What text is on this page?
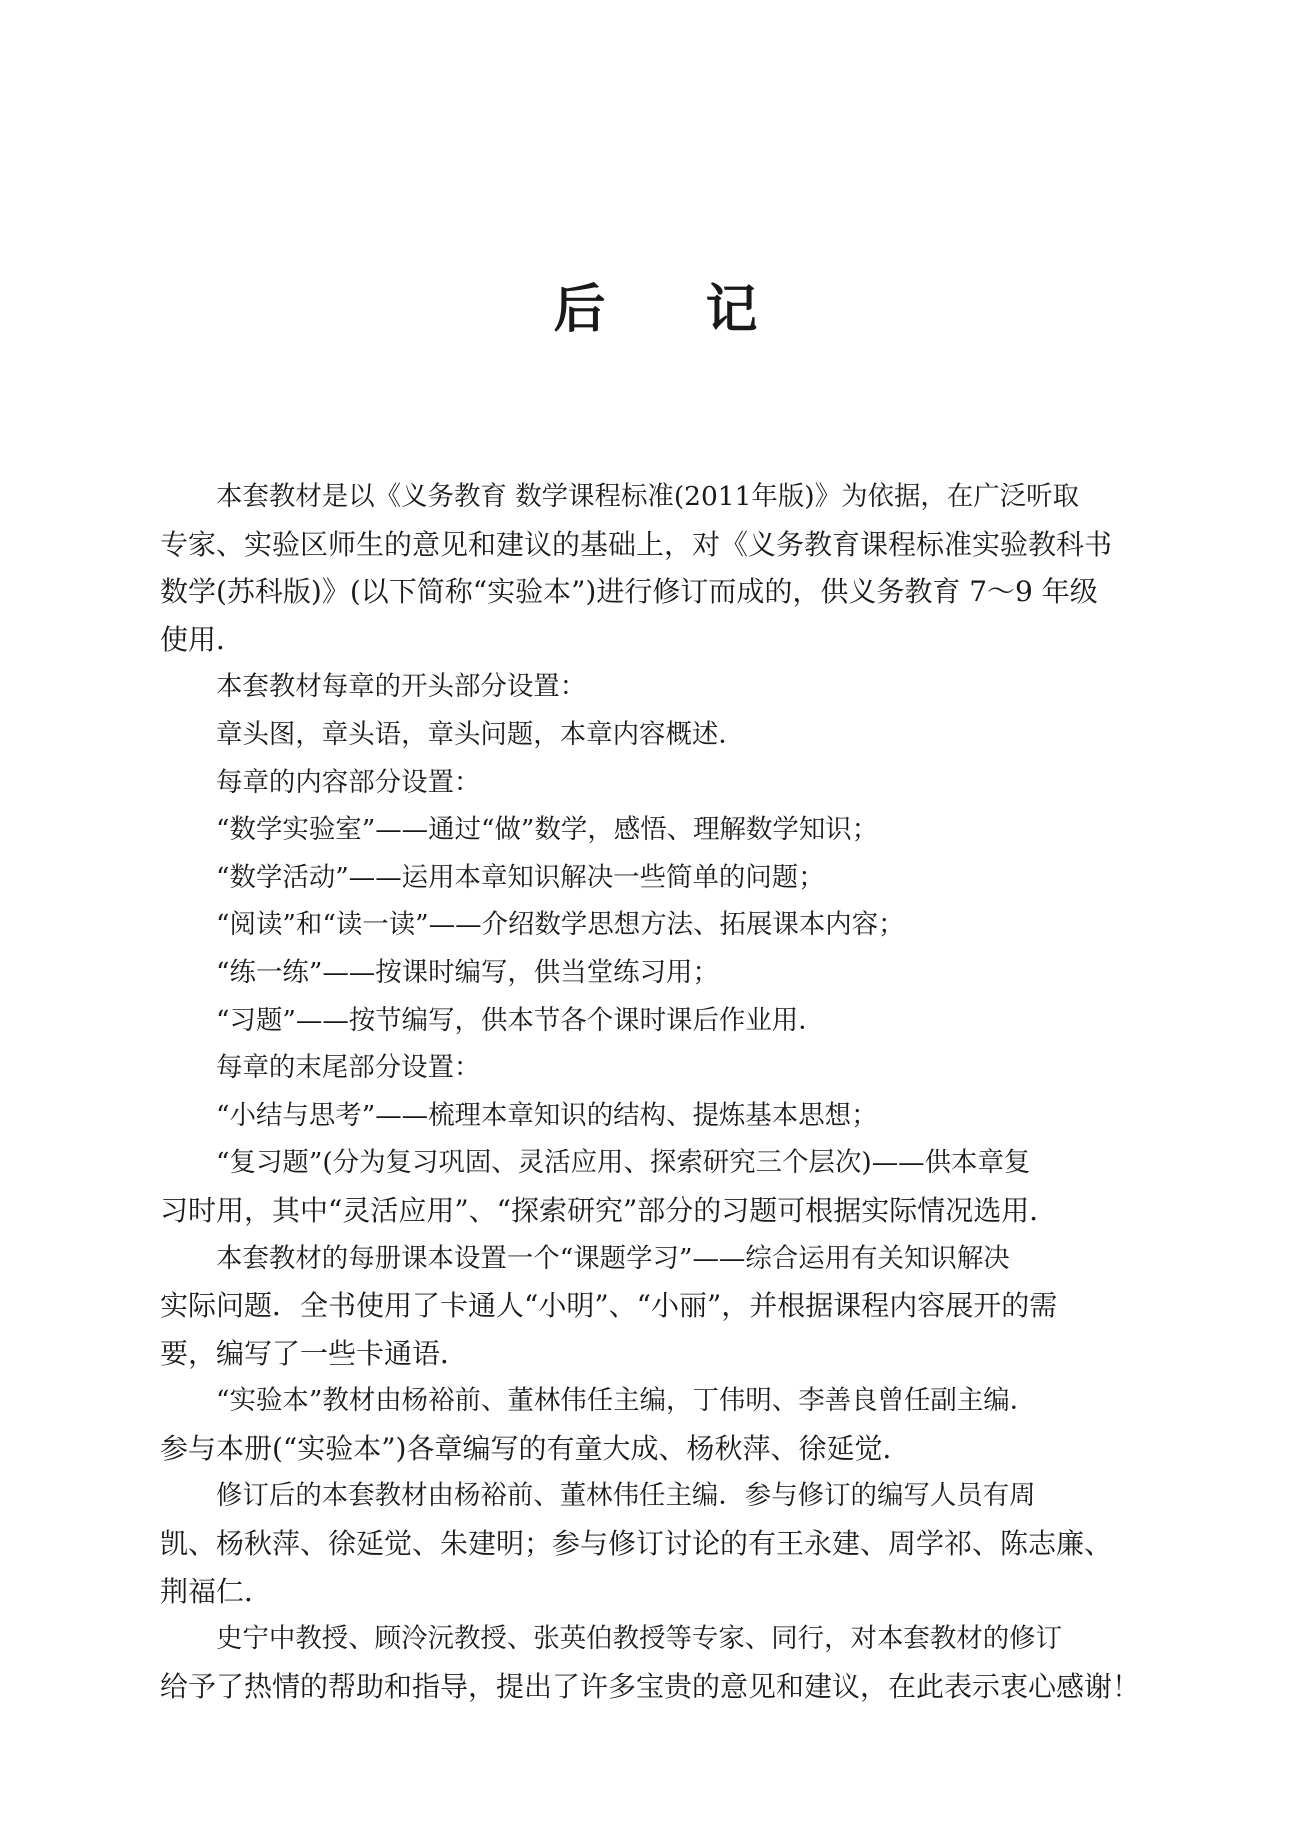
后 记

本套教材是以《义务教育 数学课程标准(2011年版)》为依据，在广泛听取
专家、实验区师生的意见和建议的基础上，对《义务教育课程标准实验教科书
数学(苏科版)》(以下简称“实验本”)进行修订而成的，供义务教育 7～9 年级
使用．

本套教材每章的开头部分设置：

章头图，章头语，章头问题，本章内容概述．

每章的内容部分设置：

“数学实验室”——通过“做”数学，感悟、理解数学知识；

“数学活动”——运用本章知识解决一些简单的问题；

“阅读”和“读一读”——介绍数学思想方法、拓展课本内容；

“练一练”——按课时编写，供当堂练习用；

“习题”——按节编写，供本节各个课时课后作业用．

每章的末尾部分设置：

“小结与思考”——梳理本章知识的结构、提炼基本思想；

“复习题”(分为复习巩固、灵活应用、探索研究三个层次)——供本章复
习时用，其中“灵活应用”、“探索研究”部分的习题可根据实际情况选用．

本套教材的每册课本设置一个“课题学习”——综合运用有关知识解决
实际问题．全书使用了卡通人“小明”、“小丽”，并根据课程内容展开的需
要，编写了一些卡通语．

“实验本”教材由杨裕前、董林伟任主编，丁伟明、李善良曾任副主编．
参与本册(“实验本”)各章编写的有童大成、杨秋萍、徐延觉．

修订后的本套教材由杨裕前、董林伟任主编．参与修订的编写人员有周
凯、杨秋萍、徐延觉、朱建明；参与修订讨论的有王永建、周学祁、陈志廉、
荆福仁．

史宁中教授、顾泠沅教授、张英伯教授等专家、同行，对本套教材的修订
给予了热情的帮助和指导，提出了许多宝贵的意见和建议，在此表示衷心感谢！
